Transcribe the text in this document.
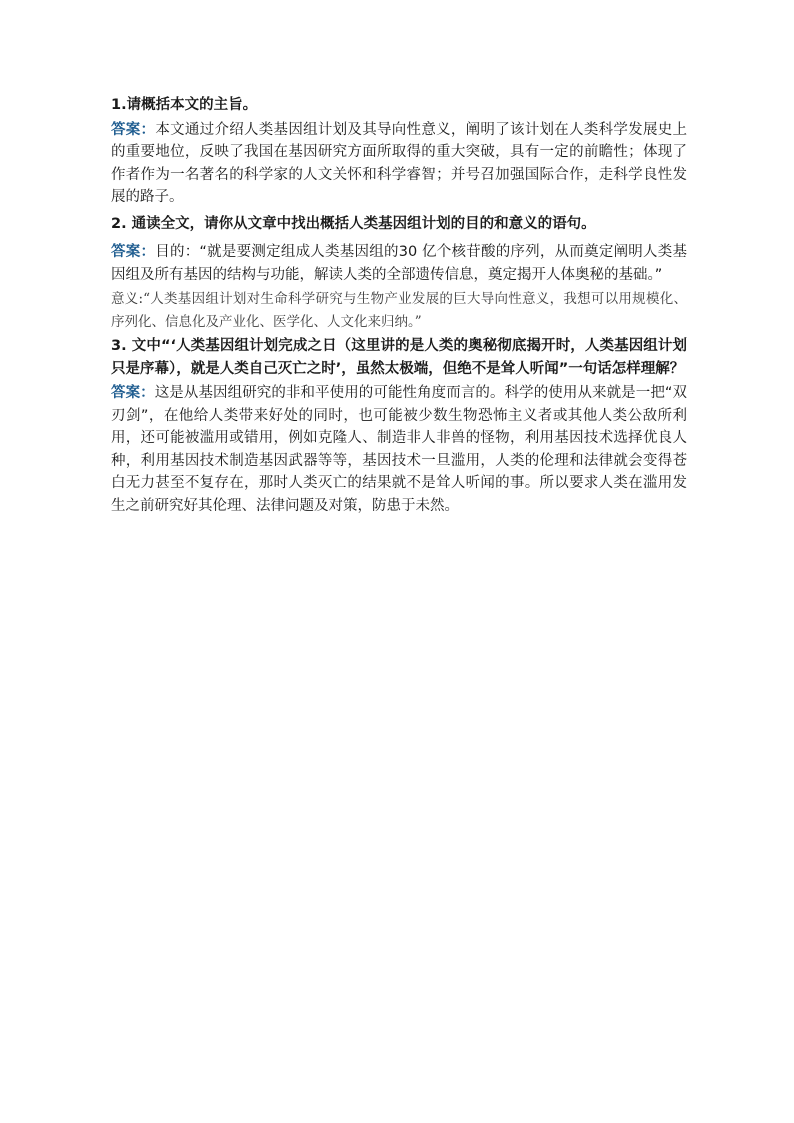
1.请概括本文的主旨。

答案：本文通过介绍人类基因组计划及其导向性意义，阐明了该计划在人类科学发展史上的重要地位，反映了我国在基因研究方面所取得的重大突破，具有一定的前瞻性；体现了作者作为一名著名的科学家的人文关怀和科学睿智；并号召加强国际合作，走科学良性发展的路子。

2. 通读全文，请你从文章中找出概括人类基因组计划的目的和意义的语句。

答案：目的：“就是要测定组成人类基因组的30 亿个核苷酸的序列，从而奠定阐明人类基因组及所有基因的结构与功能，解读人类的全部遗传信息，奠定揭开人体奥秘的基础。”

意义:“人类基因组计划对生命科学研究与生物产业发展的巨大导向性意义，我想可以用规模化、序列化、信息化及产业化、医学化、人文化来归纳。”

3. 文中“‘人类基因组计划完成之日（这里讲的是人类的奥秘彻底揭开时，人类基因组计划只是序幕），就是人类自己灭亡之时’，虽然太极端，但绝不是耸人听闻”一句话怎样理解？

答案：这是从基因组研究的非和平使用的可能性角度而言的。科学的使用从来就是一把“双刃剑”，在他给人类带来好处的同时，也可能被少数生物恐怖主义者或其他人类公敌所利用，还可能被滥用或错用，例如克隆人、制造非人非兽的怪物，利用基因技术选择优良人种，利用基因技术制造基因武器等等，基因技术一旦滥用，人类的伦理和法律就会变得苍白无力甚至不复存在，那时人类灭亡的结果就不是耸人听闻的事。所以要求人类在滥用发生之前研究好其伦理、法律问题及对策，防患于未然。
